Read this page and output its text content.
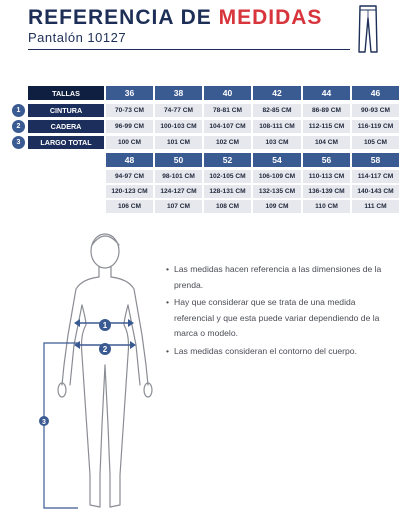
REFERENCIA DE MEDIDAS
Pantalón 10127
TALLAS	36	38	40	42	44	46
1	CINTURA	70-73 CM	74-77 CM	78-81 CM	82-85 CM	86-89 CM	90-93 CM
2	CADERA	96-99 CM	100-103 CM	104-107 CM	108-111 CM	112-115 CM	116-119 CM
3	LARGO TOTAL	100 CM	101 CM	102 CM	103 CM	104 CM	105 CM
48	50	52	54	56	58
94-97 CM	98-101 CM	102-105 CM	106-109 CM	110-113 CM	114-117 CM
120-123 CM	124-127 CM	128-131 CM	132-135 CM	136-139 CM	140-143 CM
106 CM	107 CM	108 CM	109 CM	110 CM	111 CM
1
2
3
• Las medidas hacen referencia a las dimensiones de la prenda.
• Hay que considerar que se trata de una medida referencial y que esta puede variar dependiendo de la marca o modelo.
• Las medidas consideran el contorno del cuerpo.
